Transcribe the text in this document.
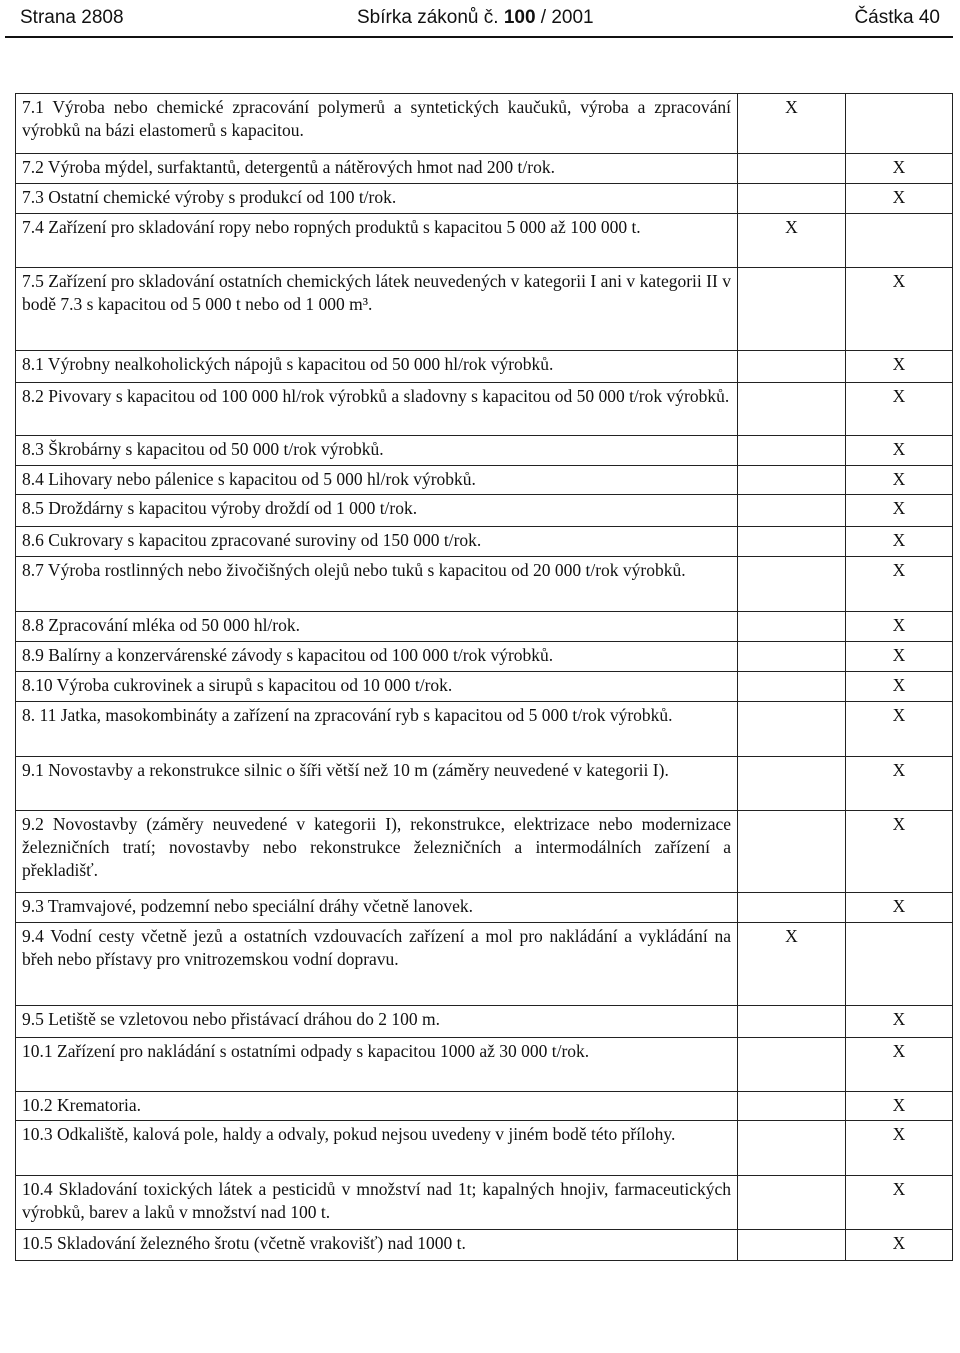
Strana 2808	Sbírka zákonů č. 100 / 2001	Částka 40
7.1 Výroba nebo chemické zpracování polymerů a syntetických kaučuků, výroba a zpracování výrobků na bázi elastomerů s kapacitou.	X	
7.2 Výroba mýdel, surfaktantů, detergentů a nátěrových hmot nad 200 t/rok.		X
7.3 Ostatní chemické výroby s produkcí od 100 t/rok.		X
7.4 Zařízení pro skladování ropy nebo ropných produktů s kapacitou 5 000 až 100 000 t.	X	
7.5 Zařízení pro skladování ostatních chemických látek neuvedených v kategorii I ani v kategorii II v bodě 7.3 s kapacitou od 5 000 t nebo od 1 000 m³.		X
8.1 Výrobny nealkoholických nápojů s kapacitou od 50 000 hl/rok výrobků.		X
8.2 Pivovary s kapacitou od 100 000 hl/rok výrobků a sladovny s kapacitou od 50 000 t/rok výrobků.		X
8.3 Škrobárny s kapacitou od 50 000 t/rok výrobků.		X
8.4 Lihovary nebo pálenice s kapacitou od 5 000 hl/rok výrobků.		X
8.5 Droždárny s kapacitou výroby droždí od 1 000 t/rok.		X
8.6 Cukrovary s kapacitou zpracované suroviny od 150 000 t/rok.		X
8.7 Výroba rostlinných nebo živočišných olejů nebo tuků s kapacitou od 20 000 t/rok výrobků.		X
8.8 Zpracování mléka od 50 000 hl/rok.		X
8.9 Balírny a konzervárenské závody s kapacitou od 100 000 t/rok výrobků.		X
8.10 Výroba cukrovinek a sirupů s kapacitou od 10 000 t/rok.		X
8. 11 Jatka, masokombináty a zařízení na zpracování ryb s kapacitou od 5 000 t/rok výrobků.		X
9.1 Novostavby a rekonstrukce silnic o šíři větší než 10 m (záměry neuvedené v kategorii I).		X
9.2 Novostavby (záměry neuvedené v kategorii I), rekonstrukce, elektrizace nebo modernizace železničních tratí; novostavby nebo rekonstrukce železničních a intermodálních zařízení a překladišť.		X
9.3 Tramvajové, podzemní nebo speciální dráhy včetně lanovek.		X
9.4 Vodní cesty včetně jezů a ostatních vzdouvacích zařízení a mol pro nakládání a vykládání na břeh nebo přístavy pro vnitrozemskou vodní dopravu.	X	
9.5 Letiště se vzletovou nebo přistávací dráhou do 2 100 m.		X
10.1 Zařízení pro nakládání s ostatními odpady s kapacitou 1000 až 30 000 t/rok.		X
10.2 Krematoria.		X
10.3 Odkaliště, kalová pole, haldy a odvaly, pokud nejsou uvedeny v jiném bodě této přílohy.		X
10.4 Skladování toxických látek a pesticidů v množství nad 1t; kapalných hnojiv, farmaceutických výrobků, barev a laků v množství nad 100 t.		X
10.5 Skladování železného šrotu (včetně vrakovišť) nad 1000 t.		X
